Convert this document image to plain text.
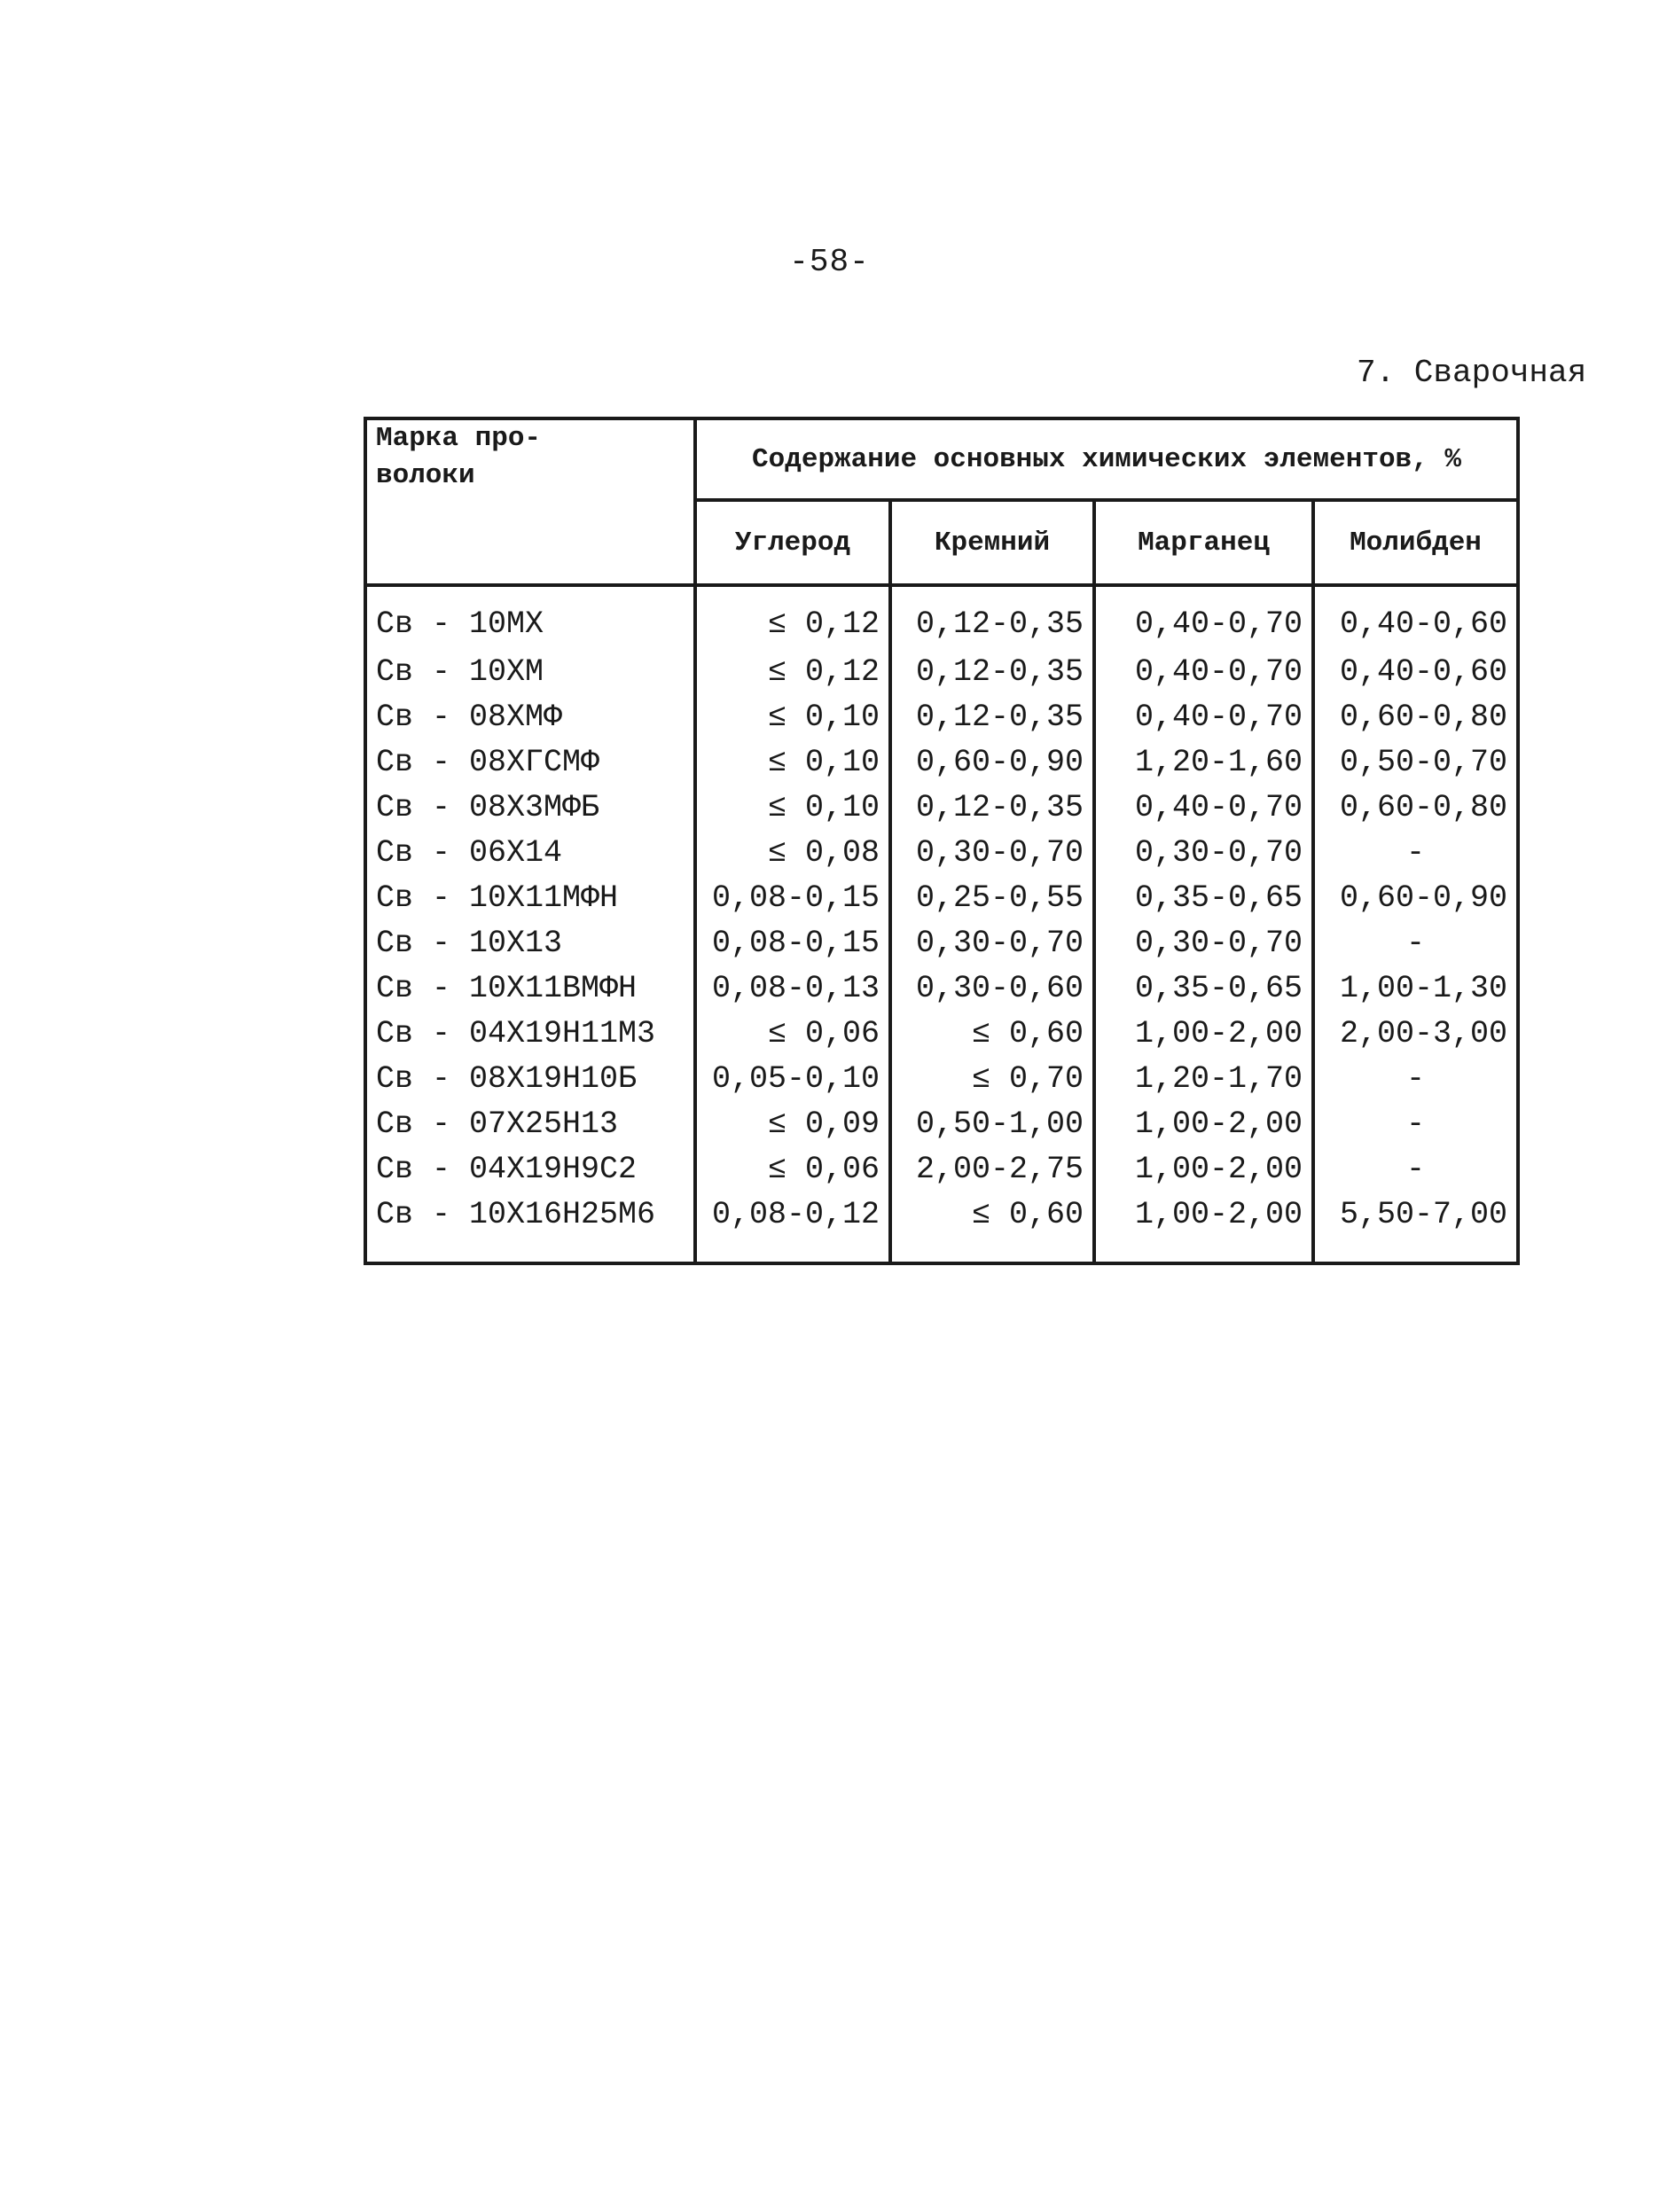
-58-
7. Сварочная
Марка про-
волоки	Содержание основных химических элементов, %			
	Углерод	Кремний	Марганец	Молибден
Св - 10МХ	≤ 0,12	0,12-0,35	0,40-0,70	0,40-0,60
Св - 10ХМ	≤ 0,12	0,12-0,35	0,40-0,70	0,40-0,60
Св - 08ХМФ	≤ 0,10	0,12-0,35	0,40-0,70	0,60-0,80
Св - 08ХГСМФ	≤ 0,10	0,60-0,90	1,20-1,60	0,50-0,70
Св - 08Х3МФБ	≤ 0,10	0,12-0,35	0,40-0,70	0,60-0,80
Св - 06Х14	≤ 0,08	0,30-0,70	0,30-0,70	-
Св - 10Х11МФН	0,08-0,15	0,25-0,55	0,35-0,65	0,60-0,90
Св - 10Х13	0,08-0,15	0,30-0,70	0,30-0,70	-
Св - 10Х11ВМФН	0,08-0,13	0,30-0,60	0,35-0,65	1,00-1,30
Св - 04Х19Н11М3	≤ 0,06	≤ 0,60	1,00-2,00	2,00-3,00
Св - 08Х19Н10Б	0,05-0,10	≤ 0,70	1,20-1,70	-
Св - 07Х25Н13	≤ 0,09	0,50-1,00	1,00-2,00	-
Св - 04Х19Н9С2	≤ 0,06	2,00-2,75	1,00-2,00	-
Св - 10Х16Н25М6	0,08-0,12	≤ 0,60	1,00-2,00	5,50-7,00
